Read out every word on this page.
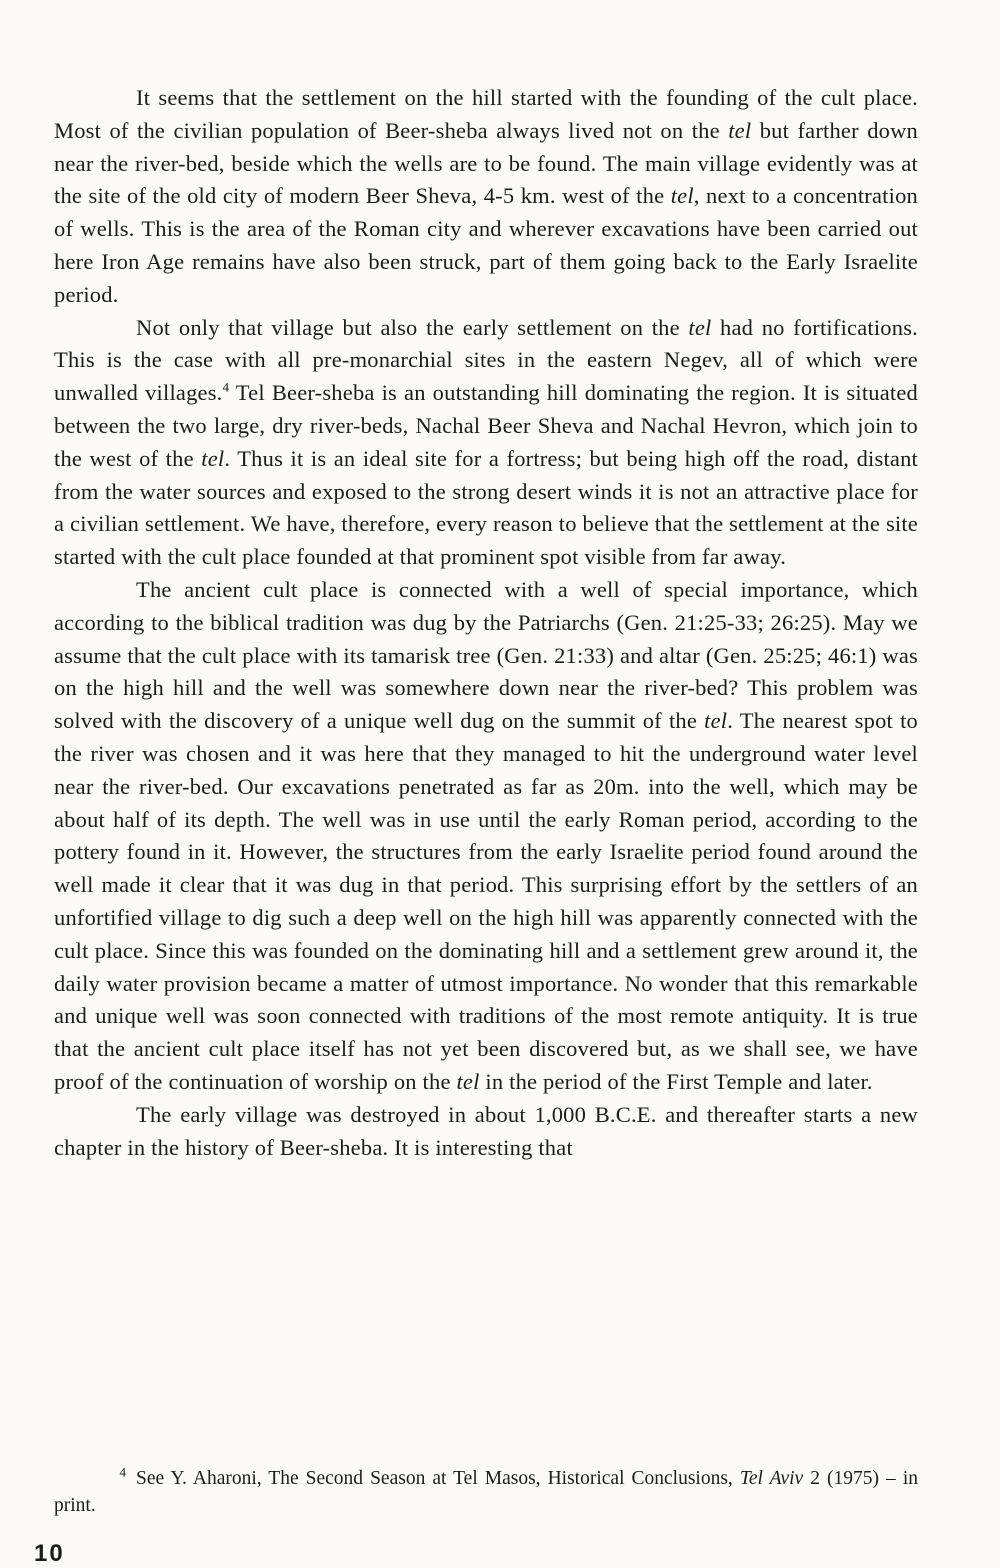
It seems that the settlement on the hill started with the founding of the cult place. Most of the civilian population of Beer-sheba always lived not on the tel but farther down near the river-bed, beside which the wells are to be found. The main village evidently was at the site of the old city of modern Beer Sheva, 4-5 km. west of the tel, next to a concentration of wells. This is the area of the Roman city and wherever excavations have been carried out here Iron Age remains have also been struck, part of them going back to the Early Israelite period.

Not only that village but also the early settlement on the tel had no fortifications. This is the case with all pre-monarchial sites in the eastern Negev, all of which were unwalled villages.$^4$ Tel Beer-sheba is an outstanding hill dominating the region. It is situated between the two large, dry river-beds, Nachal Beer Sheva and Nachal Hevron, which join to the west of the tel. Thus it is an ideal site for a fortress; but being high off the road, distant from the water sources and exposed to the strong desert winds it is not an attractive place for a civilian settlement. We have, therefore, every reason to believe that the settlement at the site started with the cult place founded at that prominent spot visible from far away.

The ancient cult place is connected with a well of special importance, which according to the biblical tradition was dug by the Patriarchs (Gen. 21:25-33; 26:25). May we assume that the cult place with its tamarisk tree (Gen. 21:33) and altar (Gen. 25:25; 46:1) was on the high hill and the well was somewhere down near the river-bed? This problem was solved with the discovery of a unique well dug on the summit of the tel. The nearest spot to the river was chosen and it was here that they managed to hit the underground water level near the river-bed. Our excavations penetrated as far as 20m. into the well, which may be about half of its depth. The well was in use until the early Roman period, according to the pottery found in it. However, the structures from the early Israelite period found around the well made it clear that it was dug in that period. This surprising effort by the settlers of an unfortified village to dig such a deep well on the high hill was apparently connected with the cult place. Since this was founded on the dominating hill and a settlement grew around it, the daily water provision became a matter of utmost importance. No wonder that this remarkable and unique well was soon connected with traditions of the most remote antiquity. It is true that the ancient cult place itself has not yet been discovered but, as we shall see, we have proof of the continuation of worship on the tel in the period of the First Temple and later.

The early village was destroyed in about 1,000 B.C.E. and thereafter starts a new chapter in the history of Beer-sheba. It is interesting that

$^4$ See Y. Aharoni, The Second Season at Tel Masos, Historical Conclusions, Tel Aviv 2 (1975) – in print.
10
